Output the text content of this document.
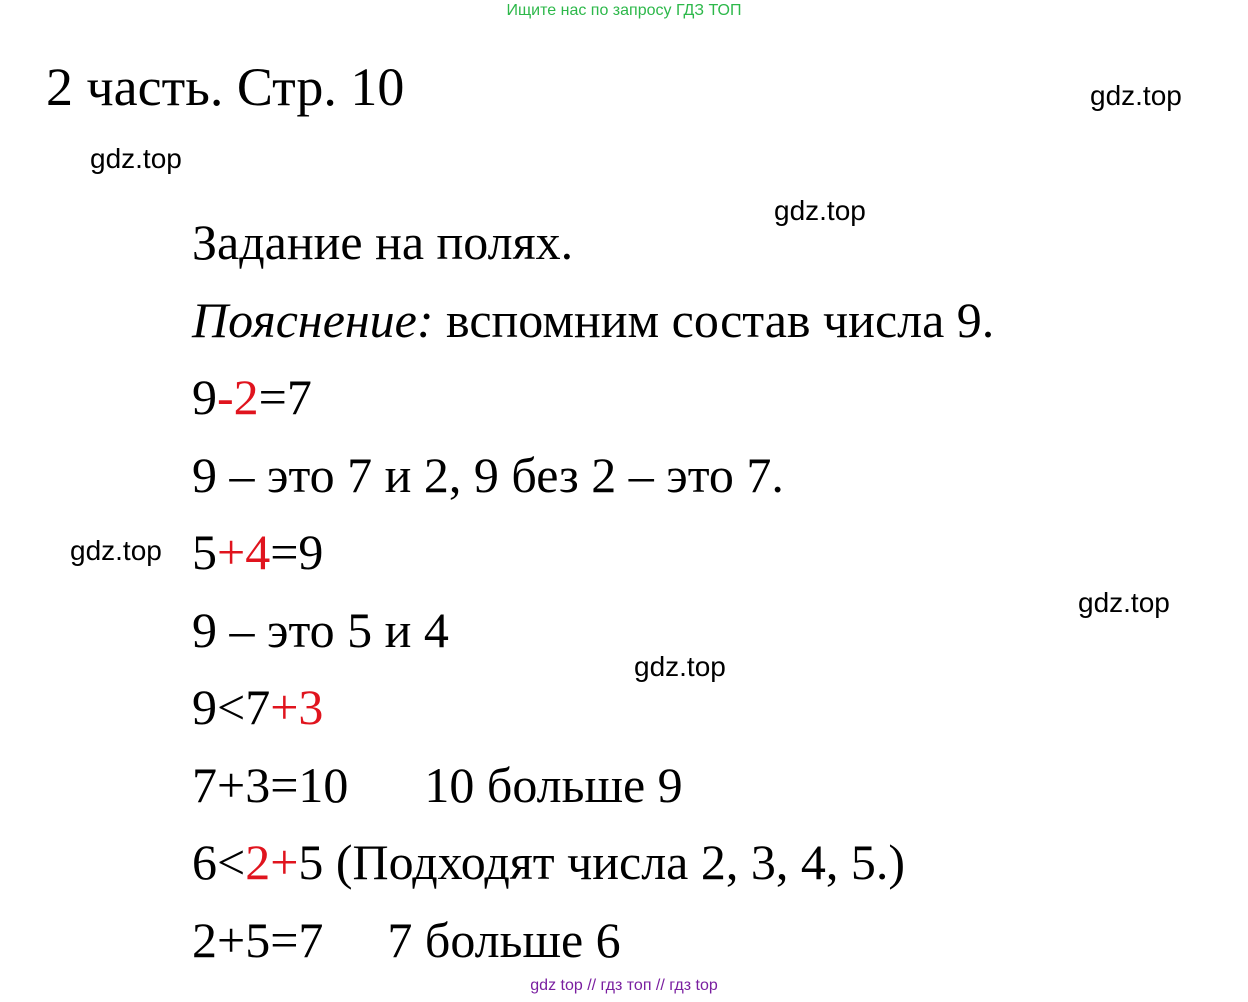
Ищите нас по запросу ГДЗ ТОП
2 часть. Стр. 10	gdz.top
gdz.top
gdz.top
gdz.top
gdz.top
gdz.top
Задание на полях.
Пояснение: вспомним состав числа 9.
9-2=7
9 – это 7 и 2, 9 без 2 – это 7.
5+4=9
9 – это 5 и 4
9<7+3
7+3=10 10 больше 9
6<2+5 (Подходят числа 2, 3, 4, 5.)
2+5=7 7 больше 6
gdz top // гдз топ // гдз top
